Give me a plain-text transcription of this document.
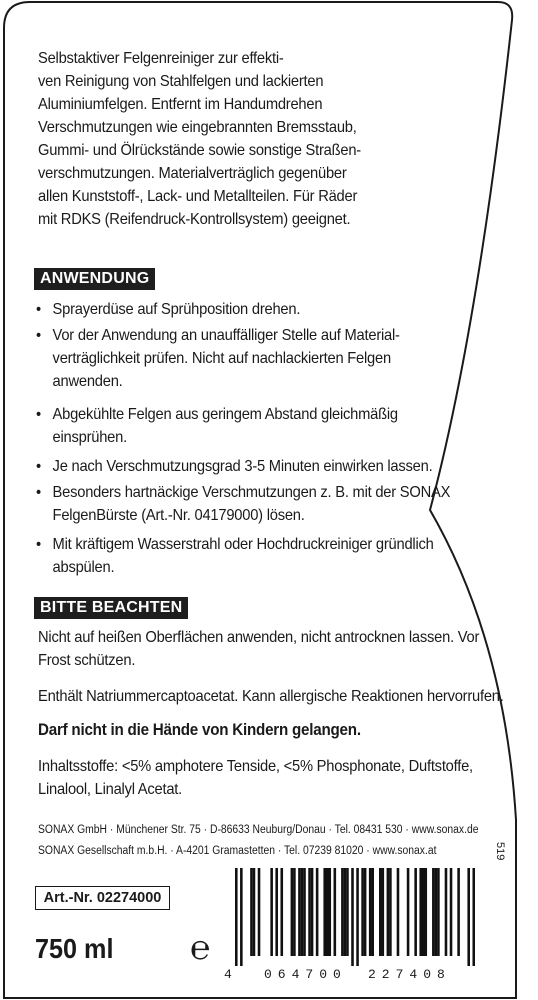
Selbstaktiver Felgenreiniger zur effekti-
ven Reinigung von Stahlfelgen und lackierten
Aluminiumfelgen. Entfernt im Handumdrehen
Verschmutzungen wie eingebrannten Bremsstaub,
Gummi- und Ölrückstände sowie sonstige Straßen-
verschmutzungen. Materialverträglich gegenüber
allen Kunststoff-, Lack- und Metallteilen. Für Räder
mit RDKS (Reifendruck-Kontrollsystem) geeignet.
ANWENDUNG
• Sprayerdüse auf Sprühposition drehen.
• Vor der Anwendung an unauffälliger Stelle auf Material-
verträglichkeit prüfen. Nicht auf nachlackierten Felgen
anwenden.
• Abgekühlte Felgen aus geringem Abstand gleichmäßig
einsprühen.
• Je nach Verschmutzungsgrad 3-5 Minuten einwirken lassen.
• Besonders hartnäckige Verschmutzungen z. B. mit der SONAX
FelgenBürste (Art.-Nr. 04179000) lösen.
• Mit kräftigem Wasserstrahl oder Hochdruckreiniger gründlich
abspülen.
BITTE BEACHTEN
Nicht auf heißen Oberflächen anwenden, nicht antrocknen lassen. Vor
Frost schützen.
Enthält Natriummercaptoacetat. Kann allergische Reaktionen hervorrufen.
Darf nicht in die Hände von Kindern gelangen.
Inhaltsstoffe: <5% amphotere Tenside, <5% Phosphonate, Duftstoffe,
Linalool, Linalyl Acetat.
SONAX GmbH · Münchener Str. 75 · D-86633 Neuburg/Donau · Tel. 08431 530 · www.sonax.de
SONAX Gesellschaft m.b.H. · A-4201 Gramastetten · Tel. 07239 81020 · www.sonax.at
Art.-Nr. 02274000
750 ml ℮
4 064700 227408
519
